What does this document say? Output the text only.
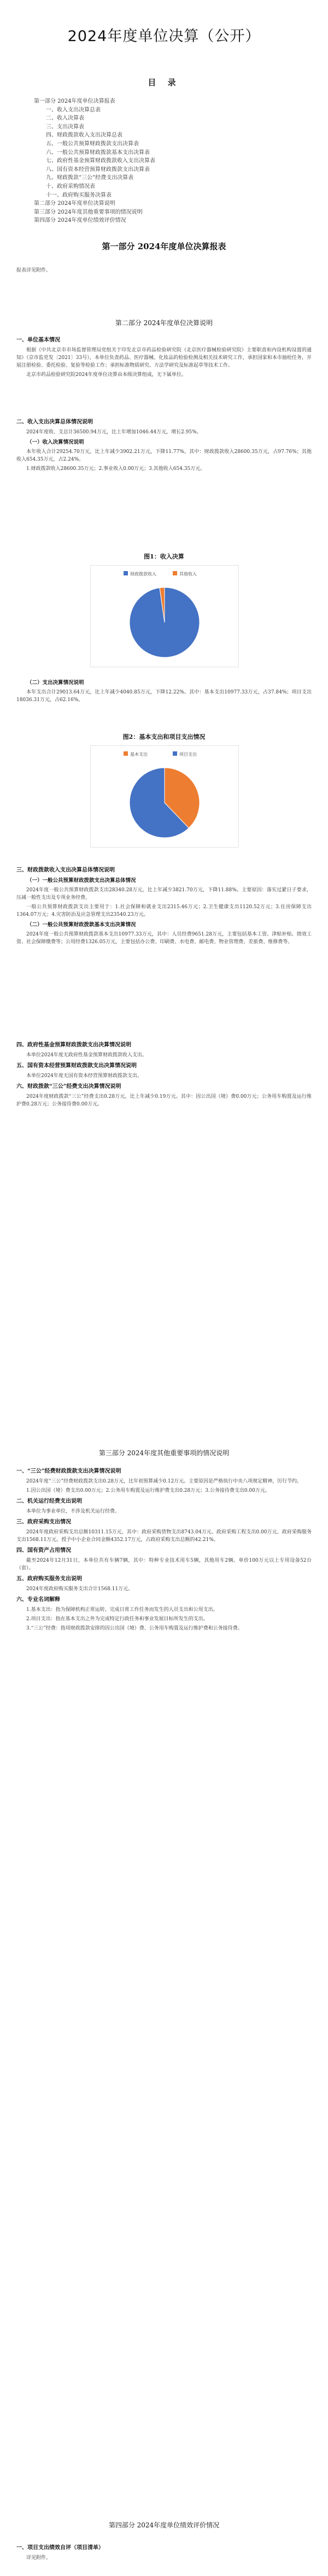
2024年度单位决算（公开）
目 录
第一部分 2024年度单位决算报表
一、收入支出决算总表
二、收入决算表
三、支出决算表
四、财政拨款收入支出决算总表
五、一般公共预算财政拨款支出决算表
六、一般公共预算财政拨款基本支出决算表
七、政府性基金预算财政拨款收入支出决算表
八、国有资本经营预算财政拨款支出决算表
九、财政拨款“三公”经费支出决算表
十、政府采购情况表
十一、政府购买服务决算表
第二部分 2024年度单位决算说明
第三部分 2024年度其他重要事项的情况说明
第四部分 2024年度单位绩效评价情况
第一部分 2024年度单位决算报表

报表详见附件。

第二部分 2024年度单位决算说明

一、单位基本情况

根据《中共北京市市场监督管理局党组关于印发北京市药品检验研究院（北京医疗器械检验研究院）主要职责和内设机构设置的通知》（京市监党发〔2021〕33号），本单位负责药品、医疗器械、化妆品的检验检测及相关技术研究工作，承担国家和本市抽检任务，开展注册检验、委托检验、复验等检验工作；承担标准物质研究、方法学研究及标准起草等技术工作。

北京市药品检验研究院2024年度单位决算由本级决算组成，无下属单位。

二、收入支出决算总体情况说明

2024年度收、支总计36500.94万元，比上年增加1046.44万元，增长2.95%。

（一）收入决算情况说明

本年收入合计29254.70万元，比上年减少3902.21万元，下降11.77%。其中：财政拨款收入28600.35万元，占97.76%；其他收入654.35万元，占2.24%。

1.财政拨款收入28600.35万元；2.事业收入0.00万元；3.其他收入654.35万元。

图1：收入决算
财政拨款收入	其他收入

（二）支出决算情况说明

本年支出合计29013.64万元，比上年减少4040.85万元，下降12.22%。其中：基本支出10977.33万元，占37.84%；项目支出18036.31万元，占62.16%。

图2：基本支出和项目支出情况
基本支出	项目支出

三、财政拨款收入支出决算总体情况说明

（一）一般公共预算财政拨款支出决算总体情况

2024年度一般公共预算财政拨款支出28340.28万元，比上年减少3821.70万元，下降11.88%。主要原因：落实过紧日子要求，压减一般性支出及专项业务经费。

一般公共预算财政拨款支出主要用于：1.社会保障和就业支出2315.46万元；2.卫生健康支出1120.52万元；3.住房保障支出1364.07万元；4.灾害防治及应急管理支出23540.23万元。

（二）一般公共预算财政拨款基本支出决算情况

2024年度一般公共预算财政拨款基本支出10977.33万元，其中：人员经费9651.28万元，主要包括基本工资、津贴补贴、绩效工资、社会保障缴费等；公用经费1326.05万元，主要包括办公费、印刷费、水电费、邮电费、物业管理费、差旅费、维修费等。

四、政府性基金预算财政拨款支出决算情况说明

本单位2024年度无政府性基金预算财政拨款收入支出。

五、国有资本经营预算财政拨款支出决算情况说明

本单位2024年度无国有资本经营预算财政拨款支出。

六、财政拨款“三公”经费支出决算情况说明

2024年度财政拨款“三公”经费支出0.28万元，比上年减少0.19万元。其中：因公出国（境）费0.00万元；公务用车购置及运行维护费0.28万元；公务接待费0.00万元。

第三部分 2024年度其他重要事项的情况说明

一、“三公”经费财政拨款支出决算情况说明

2024年度“三公”经费财政拨款支出0.28万元，比年初预算减少0.12万元。主要原因是严格执行中央八项规定精神，厉行节约。

1.因公出国（境）费支出0.00万元；2.公务用车购置及运行维护费支出0.28万元；3.公务接待费支出0.00万元。

二、机关运行经费支出说明

本单位为事业单位，不涉及机关运行经费。

三、政府采购支出情况

2024年度政府采购支出总额10311.15万元，其中：政府采购货物支出8743.04万元、政府采购工程支出0.00万元、政府采购服务支出1568.11万元。授予中小企业合同金额4352.17万元，占政府采购支出总额的42.21%。

四、国有资产占用情况

截至2024年12月31日，本单位共有车辆7辆，其中：特种专业技术用车5辆，其他用车2辆。单价100万元以上专用设备52台（套）。

五、政府购买服务支出说明

2024年度政府购买服务支出合计1568.11万元。

六、专业名词解释

1.基本支出：指为保障机构正常运转、完成日常工作任务而发生的人员支出和公用支出。

2.项目支出：指在基本支出之外为完成特定行政任务和事业发展目标所发生的支出。

3.“三公”经费：指用财政拨款安排的因公出国（境）费、公务用车购置及运行维护费和公务接待费。

第四部分 2024年度单位绩效评价情况

一、项目支出绩效自评（项目清单）

详见附件。
